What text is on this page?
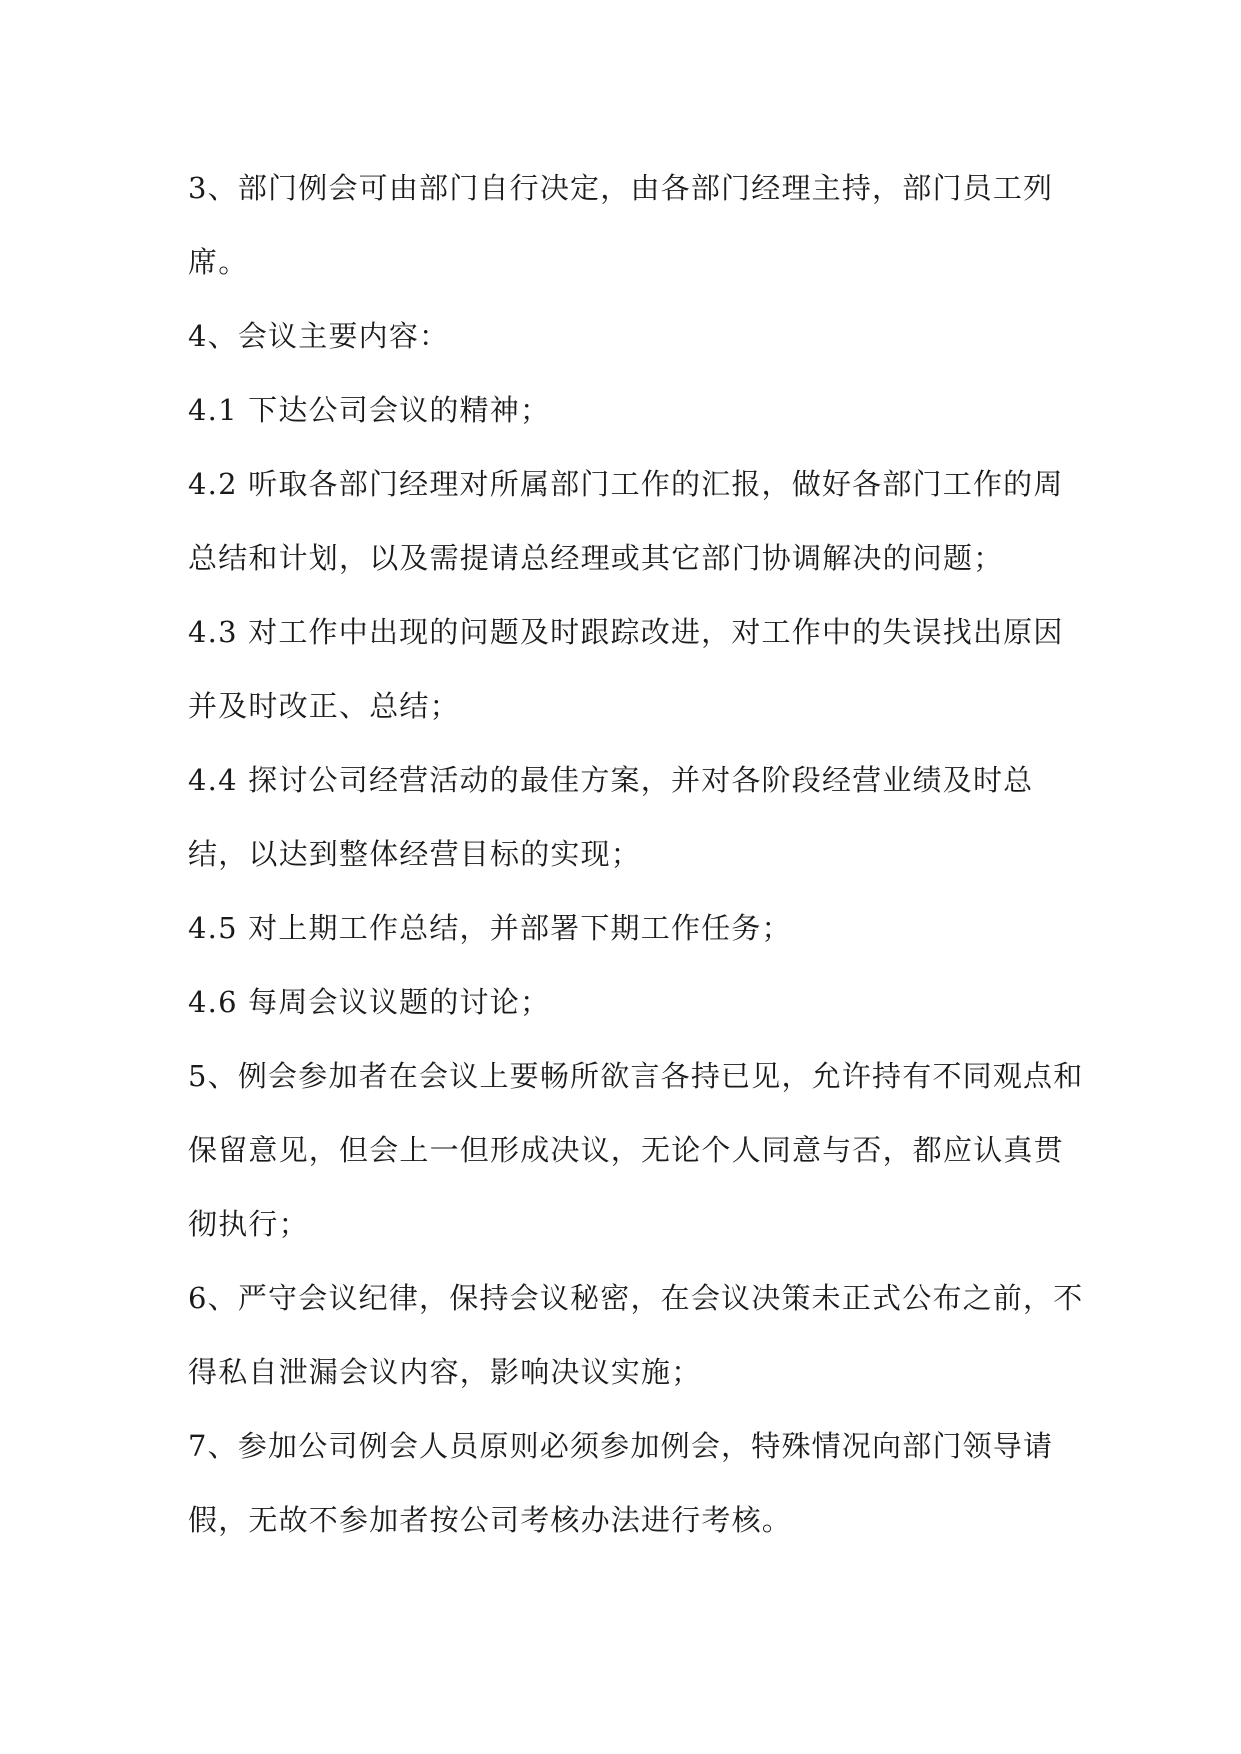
3、部门例会可由部门自行决定，由各部门经理主持，部门员工列
席。
4、会议主要内容：
4.1 下达公司会议的精神；
4.2 听取各部门经理对所属部门工作的汇报，做好各部门工作的周
总结和计划，以及需提请总经理或其它部门协调解决的问题；
4.3 对工作中出现的问题及时跟踪改进，对工作中的失误找出原因
并及时改正、总结；
4.4 探讨公司经营活动的最佳方案，并对各阶段经营业绩及时总
结，以达到整体经营目标的实现；
4.5 对上期工作总结，并部署下期工作任务；
4.6 每周会议议题的讨论；
5、例会参加者在会议上要畅所欲言各持已见，允许持有不同观点和
保留意见，但会上一但形成决议，无论个人同意与否，都应认真贯
彻执行；
6、严守会议纪律，保持会议秘密，在会议决策未正式公布之前，不
得私自泄漏会议内容，影响决议实施；
7、参加公司例会人员原则必须参加例会，特殊情况向部门领导请
假，无故不参加者按公司考核办法进行考核。
